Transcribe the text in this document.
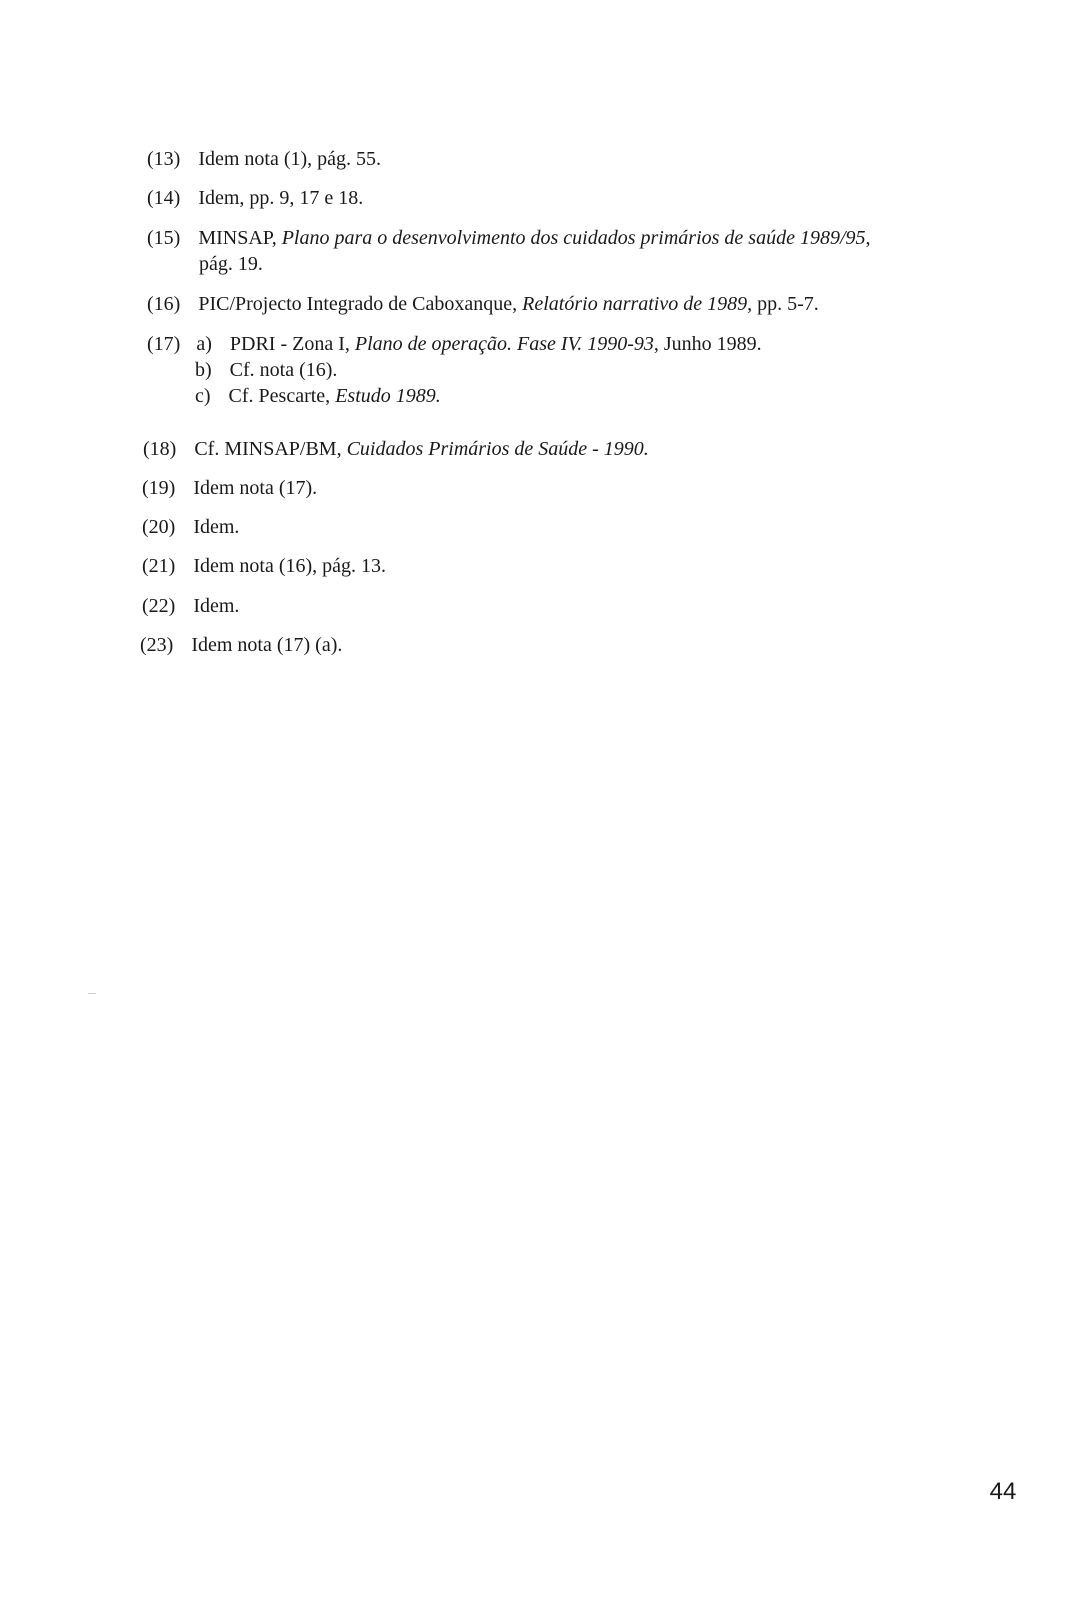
(13) Idem nota (1), pág. 55.
(14) Idem, pp. 9, 17 e 18.
(15) MINSAP, Plano para o desenvolvimento dos cuidados primários de saúde 1989/95,
pág. 19.
(16) PIC/Projecto Integrado de Caboxanque, Relatório narrativo de 1989, pp. 5-7.
(17) a) PDRI - Zona I, Plano de operação. Fase IV. 1990-93, Junho 1989.
b) Cf. nota (16).
c) Cf. Pescarte, Estudo 1989.
(18) Cf. MINSAP/BM, Cuidados Primários de Saúde - 1990.
(19) Idem nota (17).
(20) Idem.
(21) Idem nota (16), pág. 13.
(22) Idem.
(23) Idem nota (17) (a).
44
